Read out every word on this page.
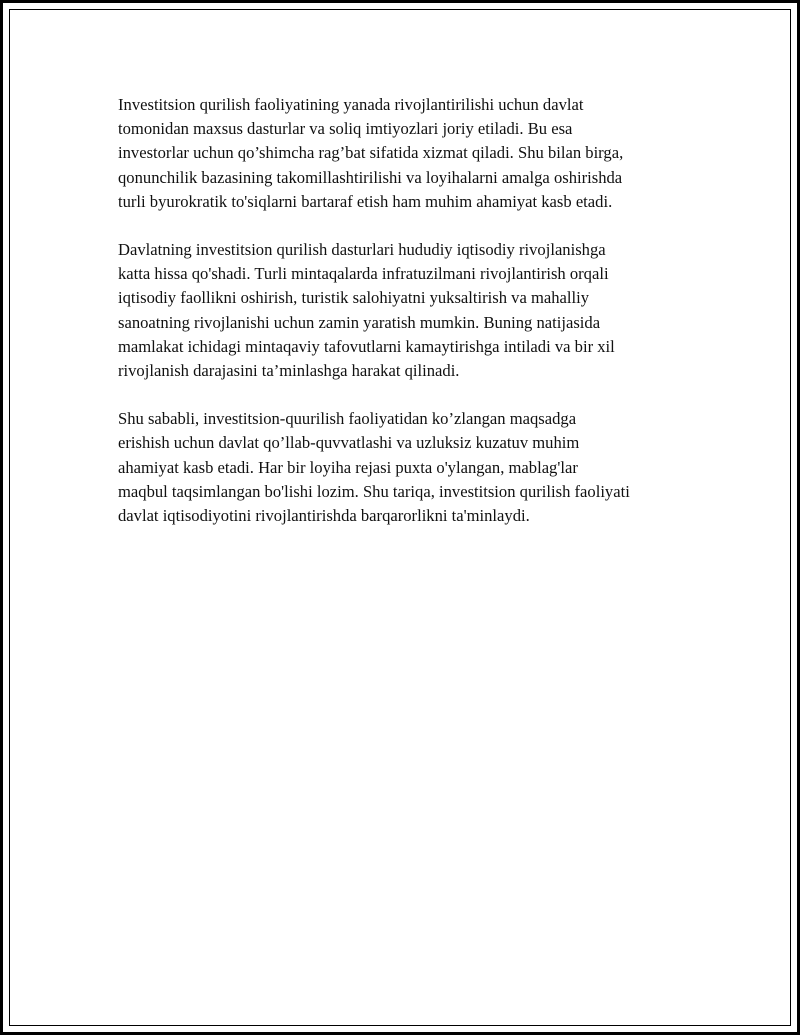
Investitsion qurilish faoliyatining yanada rivojlantirilishi uchun davlat
tomonidan maxsus dasturlar va soliq imtiyozlari joriy etiladi. Bu esa
investorlar uchun qo’shimcha rag’bat sifatida xizmat qiladi. Shu bilan birga,
qonunchilik bazasining takomillashtirilishi va loyihalarni amalga oshirishda
turli byurokratik to'siqlarni bartaraf etish ham muhim ahamiyat kasb etadi.

Davlatning investitsion qurilish dasturlari hududiy iqtisodiy rivojlanishga
katta hissa qo'shadi. Turli mintaqalarda infratuzilmani rivojlantirish orqali
iqtisodiy faollikni oshirish, turistik salohiyatni yuksaltirish va mahalliy
sanoatning rivojlanishi uchun zamin yaratish mumkin. Buning natijasida
mamlakat ichidagi mintaqaviy tafovutlarni kamaytirishga intiladi va bir xil
rivojlanish darajasini ta’minlashga harakat qilinadi.

Shu sababli, investitsion-quurilish faoliyatidan ko’zlangan maqsadga
erishish uchun davlat qo’llab-quvvatlashi va uzluksiz kuzatuv muhim
ahamiyat kasb etadi. Har bir loyiha rejasi puxta o'ylangan, mablag'lar
maqbul taqsimlangan bo'lishi lozim. Shu tariqa, investitsion qurilish faoliyati
davlat iqtisodiyotini rivojlantirishda barqarorlikni ta'minlaydi.
